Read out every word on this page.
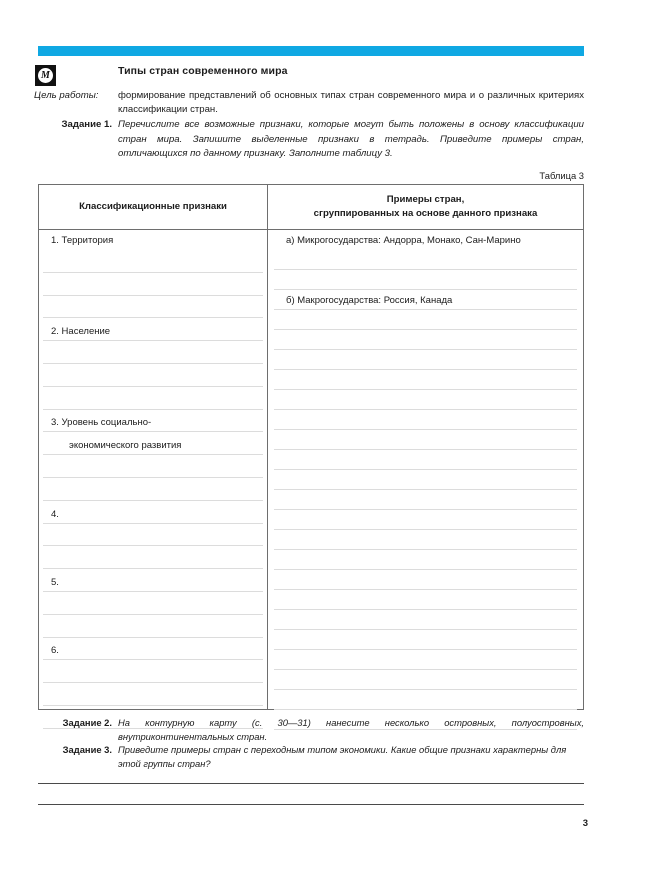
M	Типы стран современного мира
Цель работы:	формирование представлений об основных типах стран современного мира и о различных критериях классификации стран.
Задание 1. Перечислите все возможные признаки, которые могут быть положены в основу классификации стран мира. Запишите выделенные признаки в тетрадь. Приведите примеры стран, отличающихся по данному признаку. Заполните таблицу 3.
Таблица 3
Классификационные признаки
Примеры стран,
сгруппированных на основе данного признака
1. Территория
2. Население
3. Уровень социально-
экономического развития
4.
5.
6.
а) Микрогосударства: Андорра, Монако, Сан-Марино
б) Макрогосударства: Россия, Канада
Задание 2. На контурную карту (с. 30—31) нанесите несколько островных, полуостровных, внутриконтинентальных стран.
Задание 3. Приведите примеры стран с переходным типом экономики. Какие общие признаки характерны для этой группы стран?
3
